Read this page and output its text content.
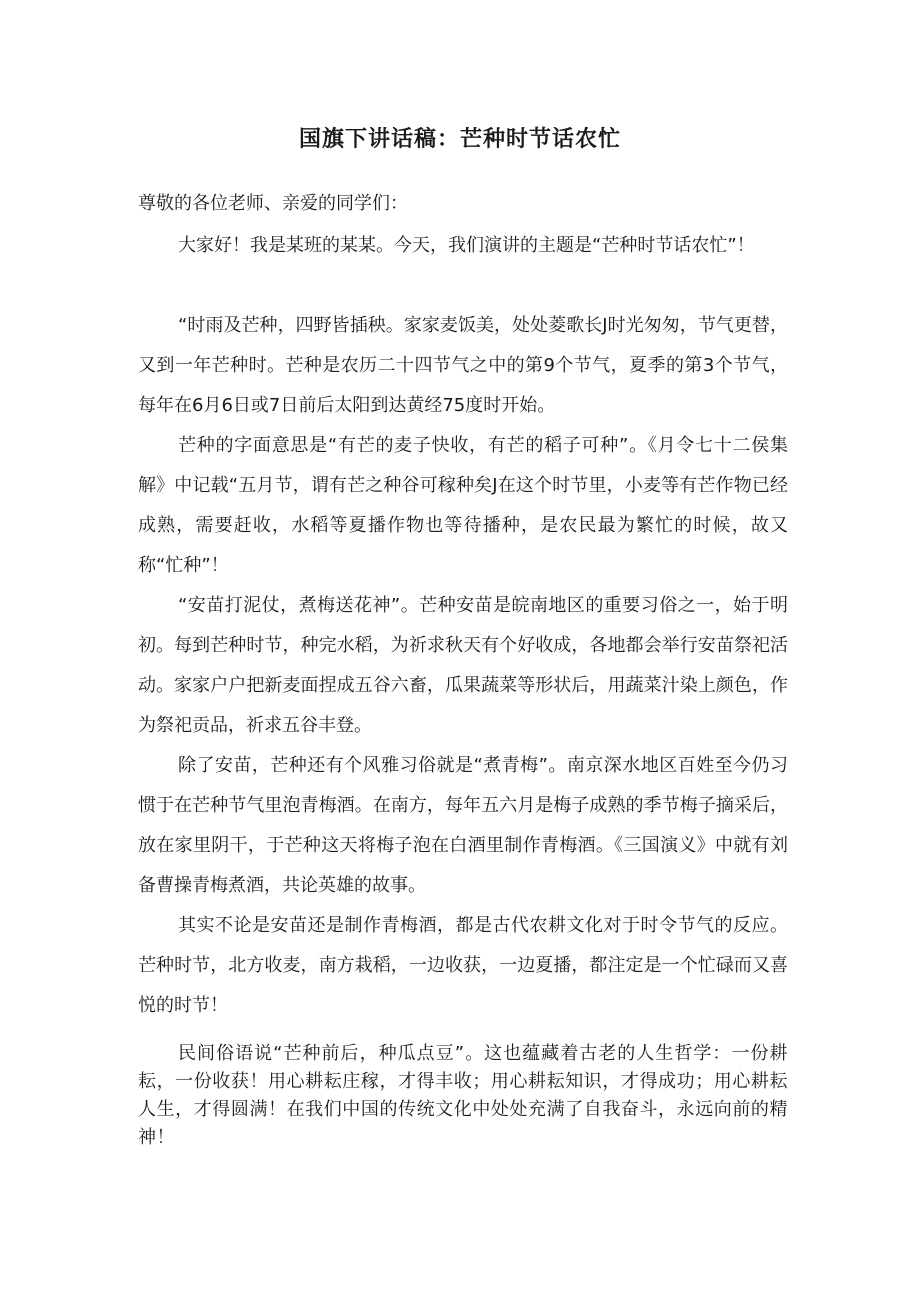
国旗下讲话稿：芒种时节话农忙
尊敬的各位老师、亲爱的同学们：
大家好！我是某班的某某。今天，我们演讲的主题是“芒种时节话农忙”！
“时雨及芒种，四野皆插秧。家家麦饭美，处处菱歌长J时光匆匆，节气更替，又到一年芒种时。芒种是农历二十四节气之中的第9个节气，夏季的第3个节气，每年在6月6日或7日前后太阳到达黄经75度时开始。
芒种的字面意思是“有芒的麦子快收，有芒的稻子可种”。《月令七十二侯集解》中记载“五月节，谓有芒之种谷可稼种矣J在这个时节里，小麦等有芒作物已经成熟，需要赶收，水稻等夏播作物也等待播种，是农民最为繁忙的时候，故又称“忙种”！
“安苗打泥仗，煮梅送花神”。芒种安苗是皖南地区的重要习俗之一，始于明初。每到芒种时节，种完水稻，为祈求秋天有个好收成，各地都会举行安苗祭祀活动。家家户户把新麦面捏成五谷六畜，瓜果蔬菜等形状后，用蔬菜汁染上颜色，作为祭祀贡品，祈求五谷丰登。
除了安苗，芒种还有个风雅习俗就是“煮青梅”。南京深水地区百姓至今仍习惯于在芒种节气里泡青梅酒。在南方，每年五六月是梅子成熟的季节梅子摘采后，放在家里阴干，于芒种这天将梅子泡在白酒里制作青梅酒。《三国演义》中就有刘备曹操青梅煮酒，共论英雄的故事。
其实不论是安苗还是制作青梅酒，都是古代农耕文化对于时令节气的反应。芒种时节，北方收麦，南方栽稻，一边收获，一边夏播，都注定是一个忙碌而又喜悦的时节！
民间俗语说“芒种前后，种瓜点豆”。这也蕴藏着古老的人生哲学：一份耕耘，一份收获！用心耕耘庄稼，才得丰收；用心耕耘知识，才得成功；用心耕耘人生，才得圆满！在我们中国的传统文化中处处充满了自我奋斗，永远向前的精神！
